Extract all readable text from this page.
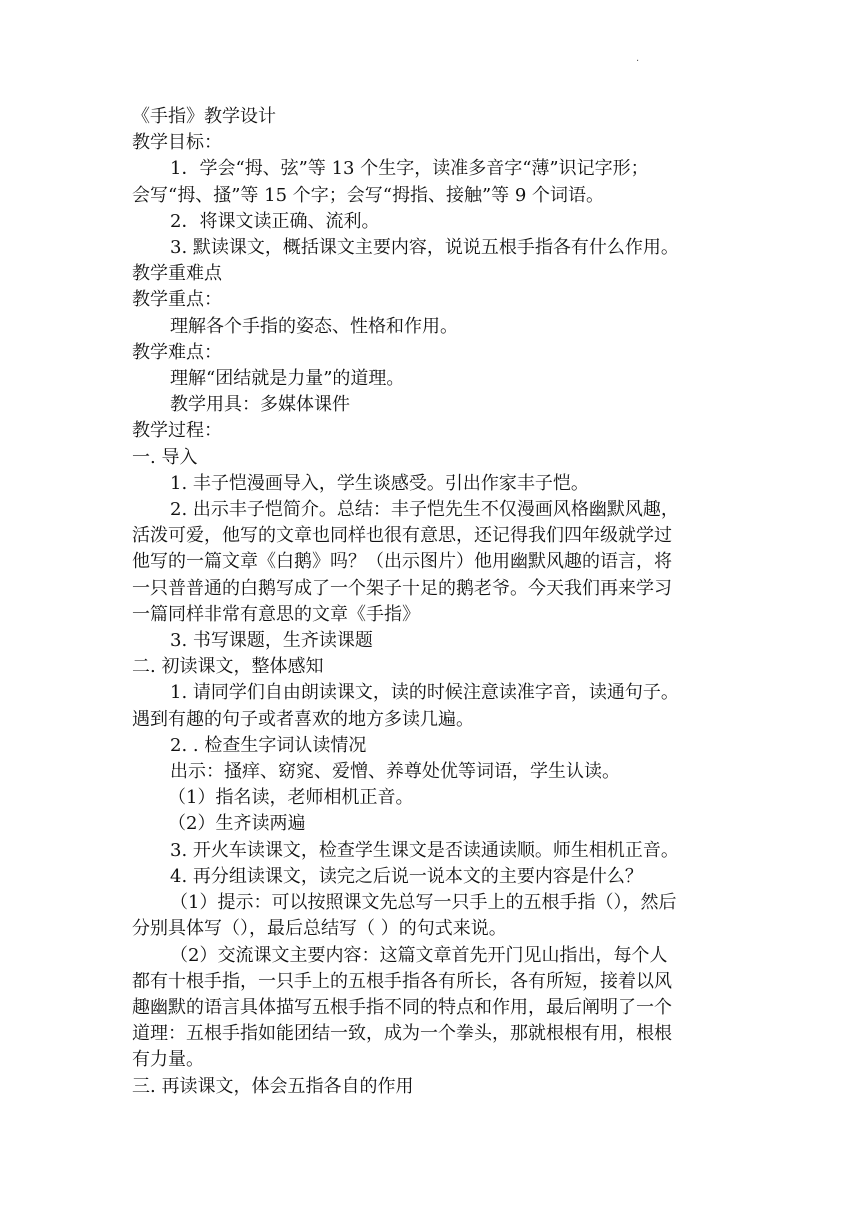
·

《手指》教学设计

教学目标：

1．学会“拇、弦”等 13 个生字，读准多音字“薄”识记字形；

会写“拇、搔”等 15 个字；会写“拇指、接触”等 9 个词语。

2．将课文读正确、流利。

3. 默读课文，概括课文主要内容，说说五根手指各有什么作用。

教学重难点

教学重点：

理解各个手指的姿态、性格和作用。

教学难点：

理解“团结就是力量”的道理。

教学用具：多媒体课件

教学过程：

一. 导入

1. 丰子恺漫画导入，学生谈感受。引出作家丰子恺。

2. 出示丰子恺简介。总结：丰子恺先生不仅漫画风格幽默风趣，

活泼可爱，他写的文章也同样也很有意思，还记得我们四年级就学过

他写的一篇文章《白鹅》吗？（出示图片）他用幽默风趣的语言，将

一只普普通的白鹅写成了一个架子十足的鹅老爷。今天我们再来学习

一篇同样非常有意思的文章《手指》

3. 书写课题，生齐读课题

二. 初读课文，整体感知

1. 请同学们自由朗读课文，读的时候注意读准字音，读通句子。

遇到有趣的句子或者喜欢的地方多读几遍。

2. . 检查生字词认读情况

出示：搔痒、窈窕、爱憎、养尊处优等词语，学生认读。

（1）指名读，老师相机正音。

（2）生齐读两遍

3. 开火车读课文，检查学生课文是否读通读顺。师生相机正音。

4. 再分组读课文，读完之后说一说本文的主要内容是什么？

（1）提示：可以按照课文先总写一只手上的五根手指（），然后

分别具体写（），最后总结写（ ）的句式来说。

（2）交流课文主要内容：这篇文章首先开门见山指出，每个人

都有十根手指，一只手上的五根手指各有所长，各有所短，接着以风

趣幽默的语言具体描写五根手指不同的特点和作用，最后阐明了一个

道理：五根手指如能团结一致，成为一个拳头，那就根根有用，根根

有力量。

三. 再读课文，体会五指各自的作用
